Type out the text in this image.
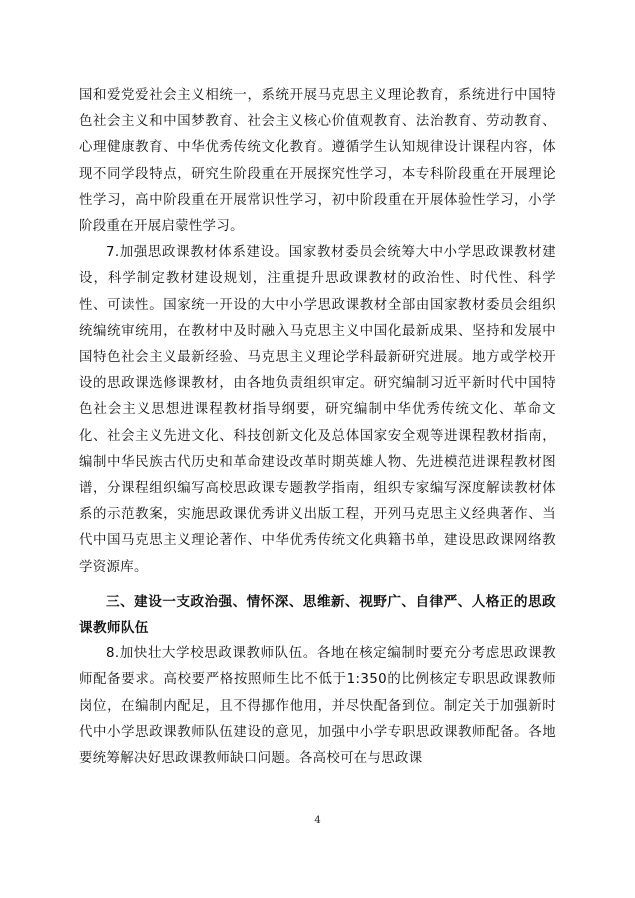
国和爱党爱社会主义相统一，系统开展马克思主义理论教育，系统进行中国特色社会主义和中国梦教育、社会主义核心价值观教育、法治教育、劳动教育、心理健康教育、中华优秀传统文化教育。遵循学生认知规律设计课程内容，体现不同学段特点，研究生阶段重在开展探究性学习，本专科阶段重在开展理论性学习，高中阶段重在开展常识性学习，初中阶段重在开展体验性学习，小学阶段重在开展启蒙性学习。

7.加强思政课教材体系建设。国家教材委员会统筹大中小学思政课教材建设，科学制定教材建设规划，注重提升思政课教材的政治性、时代性、科学性、可读性。国家统一开设的大中小学思政课教材全部由国家教材委员会组织统编统审统用，在教材中及时融入马克思主义中国化最新成果、坚持和发展中国特色社会主义最新经验、马克思主义理论学科最新研究进展。地方或学校开设的思政课选修课教材，由各地负责组织审定。研究编制习近平新时代中国特色社会主义思想进课程教材指导纲要，研究编制中华优秀传统文化、革命文化、社会主义先进文化、科技创新文化及总体国家安全观等进课程教材指南，编制中华民族古代历史和革命建设改革时期英雄人物、先进模范进课程教材图谱，分课程组织编写高校思政课专题教学指南，组织专家编写深度解读教材体系的示范教案，实施思政课优秀讲义出版工程，开列马克思主义经典著作、当代中国马克思主义理论著作、中华优秀传统文化典籍书单，建设思政课网络教学资源库。

三、建设一支政治强、情怀深、思维新、视野广、自律严、人格正的思政课教师队伍

8.加快壮大学校思政课教师队伍。各地在核定编制时要充分考虑思政课教师配备要求。高校要严格按照师生比不低于1:350的比例核定专职思政课教师岗位，在编制内配足，且不得挪作他用，并尽快配备到位。制定关于加强新时代中小学思政课教师队伍建设的意见，加强中小学专职思政课教师配备。各地要统筹解决好思政课教师缺口问题。各高校可在与思政课

4
